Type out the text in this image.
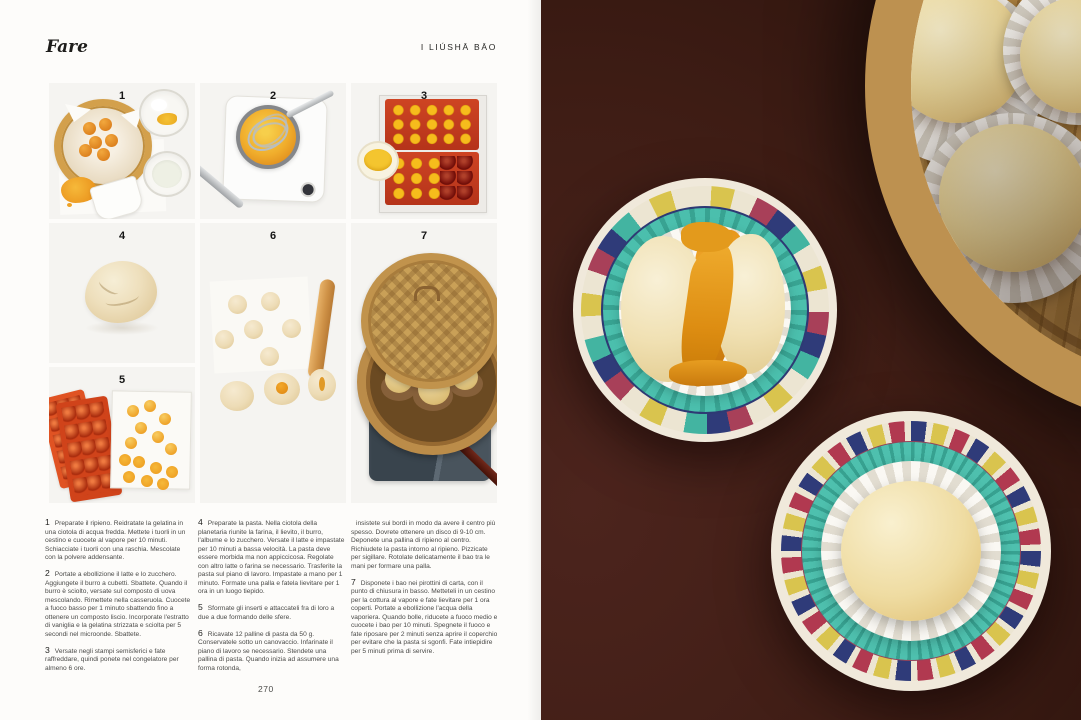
Fare	I LIÚSHĀ BĀO
1	2	3
4
5
6	7

1 Preparate il ripieno. Reidratate la gelatina in una ciotola di acqua fredda. Mettete i tuorli in un cestino e cuocete al vapore per 10 minuti. Schiacciate i tuorli con una raschia. Mescolate con la polvere addensante.

2 Portate a ebollizione il latte e lo zucchero. Aggiungete il burro a cubetti. Sbattete. Quando il burro è sciolto, versate sul composto di uova mescolando. Rimettete nella casseruola. Cuocete a fuoco basso per 1 minuto sbattendo fino a ottenere un composto liscio. Incorporate l'estratto di vaniglia e la gelatina strizzata e sciolta per 5 secondi nel microonde. Sbattete.

3 Versate negli stampi semisferici e fate raffreddare, quindi ponete nel congelatore per almeno 6 ore.

4 Preparate la pasta. Nella ciotola della planetaria riunite la farina, il lievito, il burro, l'albume e lo zucchero. Versate il latte e impastate per 10 minuti a bassa velocità. La pasta deve essere morbida ma non appiccicosa. Regolate con altro latte o farina se necessario. Trasferite la pasta sul piano di lavoro. Impastate a mano per 1 minuto. Formate una palla e fatela lievitare per 1 ora in un luogo tiepido.

5 Sformate gli inserti e attaccateli fra di loro a due a due formando delle sfere.

6 Ricavate 12 palline di pasta da 50 g. Conservatele sotto un canovaccio. Infarinate il piano di lavoro se necessario. Stendete una pallina di pasta. Quando inizia ad assumere una forma rotonda,

insistete sui bordi in modo da avere il centro più spesso. Dovrete ottenere un disco di 9-10 cm. Deponete una pallina di ripieno al centro. Richiudete la pasta intorno al ripieno. Pizzicate per sigillare. Rotolate delicatamente il bao tra le mani per formare una palla.

7 Disponete i bao nei pirottini di carta, con il punto di chiusura in basso. Metteteli in un cestino per la cottura al vapore e fate lievitare per 1 ora coperti. Portate a ebollizione l'acqua della vaporiera. Quando bolle, riducete a fuoco medio e cuocete i bao per 10 minuti. Spegnete il fuoco e fate riposare per 2 minuti senza aprire il coperchio per evitare che la pasta si sgonfi. Fate intiepidire per 5 minuti prima di servire.

270
